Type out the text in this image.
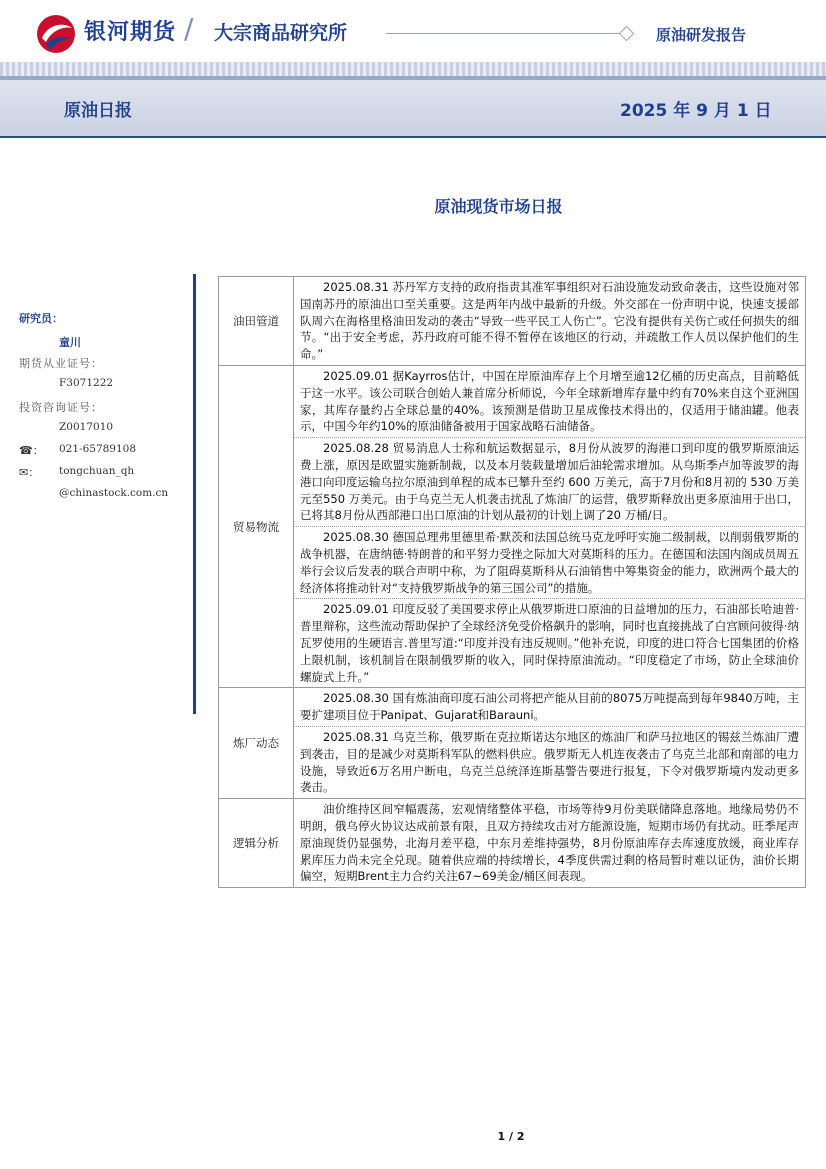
银河期货 / 大宗商品研究所	原油研发报告
原油日报	2025 年 9 月 1 日
原油现货市场日报
研究员：
童川
期货从业证号：
F3071222
投资咨询证号：
Z0017010
☎： 021-65789108
✉： tongchuan_qh
@chinastock.com.cn
油田管道	2025.08.31 苏丹军方支持的政府指责其准军事组织对石油设施发动致命袭击，这些设施对邻国南苏丹的原油出口至关重要。这是两年内战中最新的升级。外交部在一份声明中说，快速支援部队周六在海格里格油田发动的袭击“导致一些平民工人伤亡”。它没有提供有关伤亡或任何损失的细节。“出于安全考虑，苏丹政府可能不得不暂停在该地区的行动，并疏散工作人员以保护他们的生命。”

贸易物流	2025.09.01 据Kayrros估计，中国在岸原油库存上个月增至逾12亿桶的历史高点，目前略低于这一水平。该公司联合创始人兼首席分析师说，今年全球新增库存量中约有70%来自这个亚洲国家，其库存量约占全球总量的40%。该预测是借助卫星成像技术得出的，仅适用于储油罐。他表示，中国今年约10%的原油储备被用于国家战略石油储备。

2025.08.28 贸易消息人士称和航运数据显示，8月份从波罗的海港口到印度的俄罗斯原油运费上涨，原因是欧盟实施新制裁，以及本月装载量增加后油轮需求增加。从乌斯季卢加等波罗的海港口向印度运输乌拉尔原油到单程的成本已攀升至约 600 万美元，高于7月份和8月初的 530 万美元至550 万美元。由于乌克兰无人机袭击扰乱了炼油厂的运营，俄罗斯释放出更多原油用于出口，已将其8月份从西部港口出口原油的计划从最初的计划上调了20 万桶/日。

2025.08.30 德国总理弗里德里希·默茨和法国总统马克龙呼吁实施二级制裁，以削弱俄罗斯的战争机器，在唐纳德·特朗普的和平努力受挫之际加大对莫斯科的压力。在德国和法国内阁成员周五举行会议后发表的联合声明中称，为了阻碍莫斯科从石油销售中筹集资金的能力，欧洲两个最大的经济体将推动针对“支持俄罗斯战争的第三国公司”的措施。

2025.09.01 印度反驳了美国要求停止从俄罗斯进口原油的日益增加的压力，石油部长哈迪普·普里辩称，这些流动帮助保护了全球经济免受价格飙升的影响，同时也直接挑战了白宫顾问彼得·纳瓦罗使用的生硬语言.普里写道:“印度并没有违反规则。”他补充说，印度的进口符合七国集团的价格上限机制，该机制旨在限制俄罗斯的收入，同时保持原油流动。“印度稳定了市场，防止全球油价螺旋式上升。”

炼厂动态	2025.08.30 国有炼油商印度石油公司将把产能从目前的8075万吨提高到每年9840万吨，主要扩建项目位于Panipat、Gujarat和Barauni。

2025.08.31 乌克兰称，俄罗斯在克拉斯诺达尔地区的炼油厂和萨马拉地区的锡兹兰炼油厂遭到袭击，目的是减少对莫斯科军队的燃料供应。俄罗斯无人机连夜袭击了乌克兰北部和南部的电力设施，导致近6万名用户断电，乌克兰总统泽连斯基警告要进行报复，下令对俄罗斯境内发动更多袭击。

逻辑分析	油价维持区间窄幅震荡，宏观情绪整体平稳，市场等待9月份美联储降息落地。地缘局势仍不明朗，俄乌停火协议达成前景有限，且双方持续攻击对方能源设施，短期市场仍有扰动。旺季尾声原油现货仍显强势，北海月差平稳，中东月差维持强势，8月份原油库存去库速度放缓，商业库存累库压力尚未完全兑现。随着供应端的持续增长，4季度供需过剩的格局暂时难以证伪，油价长期偏空，短期Brent主力合约关注67~69美金/桶区间表现。

1 / 2
